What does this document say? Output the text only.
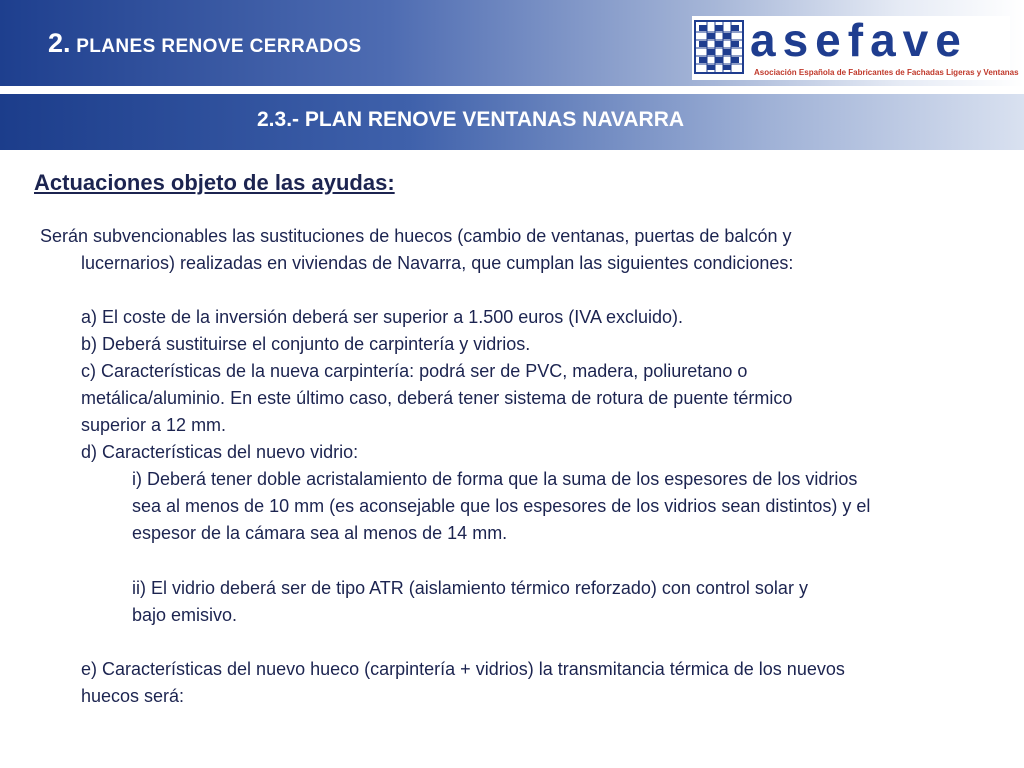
2. PLANES RENOVE CERRADOS	asefave
Asociación Española de Fabricantes de Fachadas Ligeras y Ventanas
2.3.- PLAN RENOVE VENTANAS NAVARRA
Actuaciones objeto de las ayudas:
Serán subvencionables las sustituciones de huecos (cambio de ventanas, puertas de balcón y
lucernarios) realizadas en viviendas de Navarra, que cumplan las siguientes condiciones:
a) El coste de la inversión deberá ser superior a 1.500 euros (IVA excluido).
b) Deberá sustituirse el conjunto de carpintería y vidrios.
c) Características de la nueva carpintería: podrá ser de PVC, madera, poliuretano o
metálica/aluminio. En este último caso, deberá tener sistema de rotura de puente térmico
superior a 12 mm.
d) Características del nuevo vidrio:
i) Deberá tener doble acristalamiento de forma que la suma de los espesores de los vidrios
sea al menos de 10 mm (es aconsejable que los espesores de los vidrios sean distintos) y el
espesor de la cámara sea al menos de 14 mm.
ii) El vidrio deberá ser de tipo ATR (aislamiento térmico reforzado) con control solar y
bajo emisivo.
e) Características del nuevo hueco (carpintería + vidrios) la transmitancia térmica de los nuevos
huecos será:
